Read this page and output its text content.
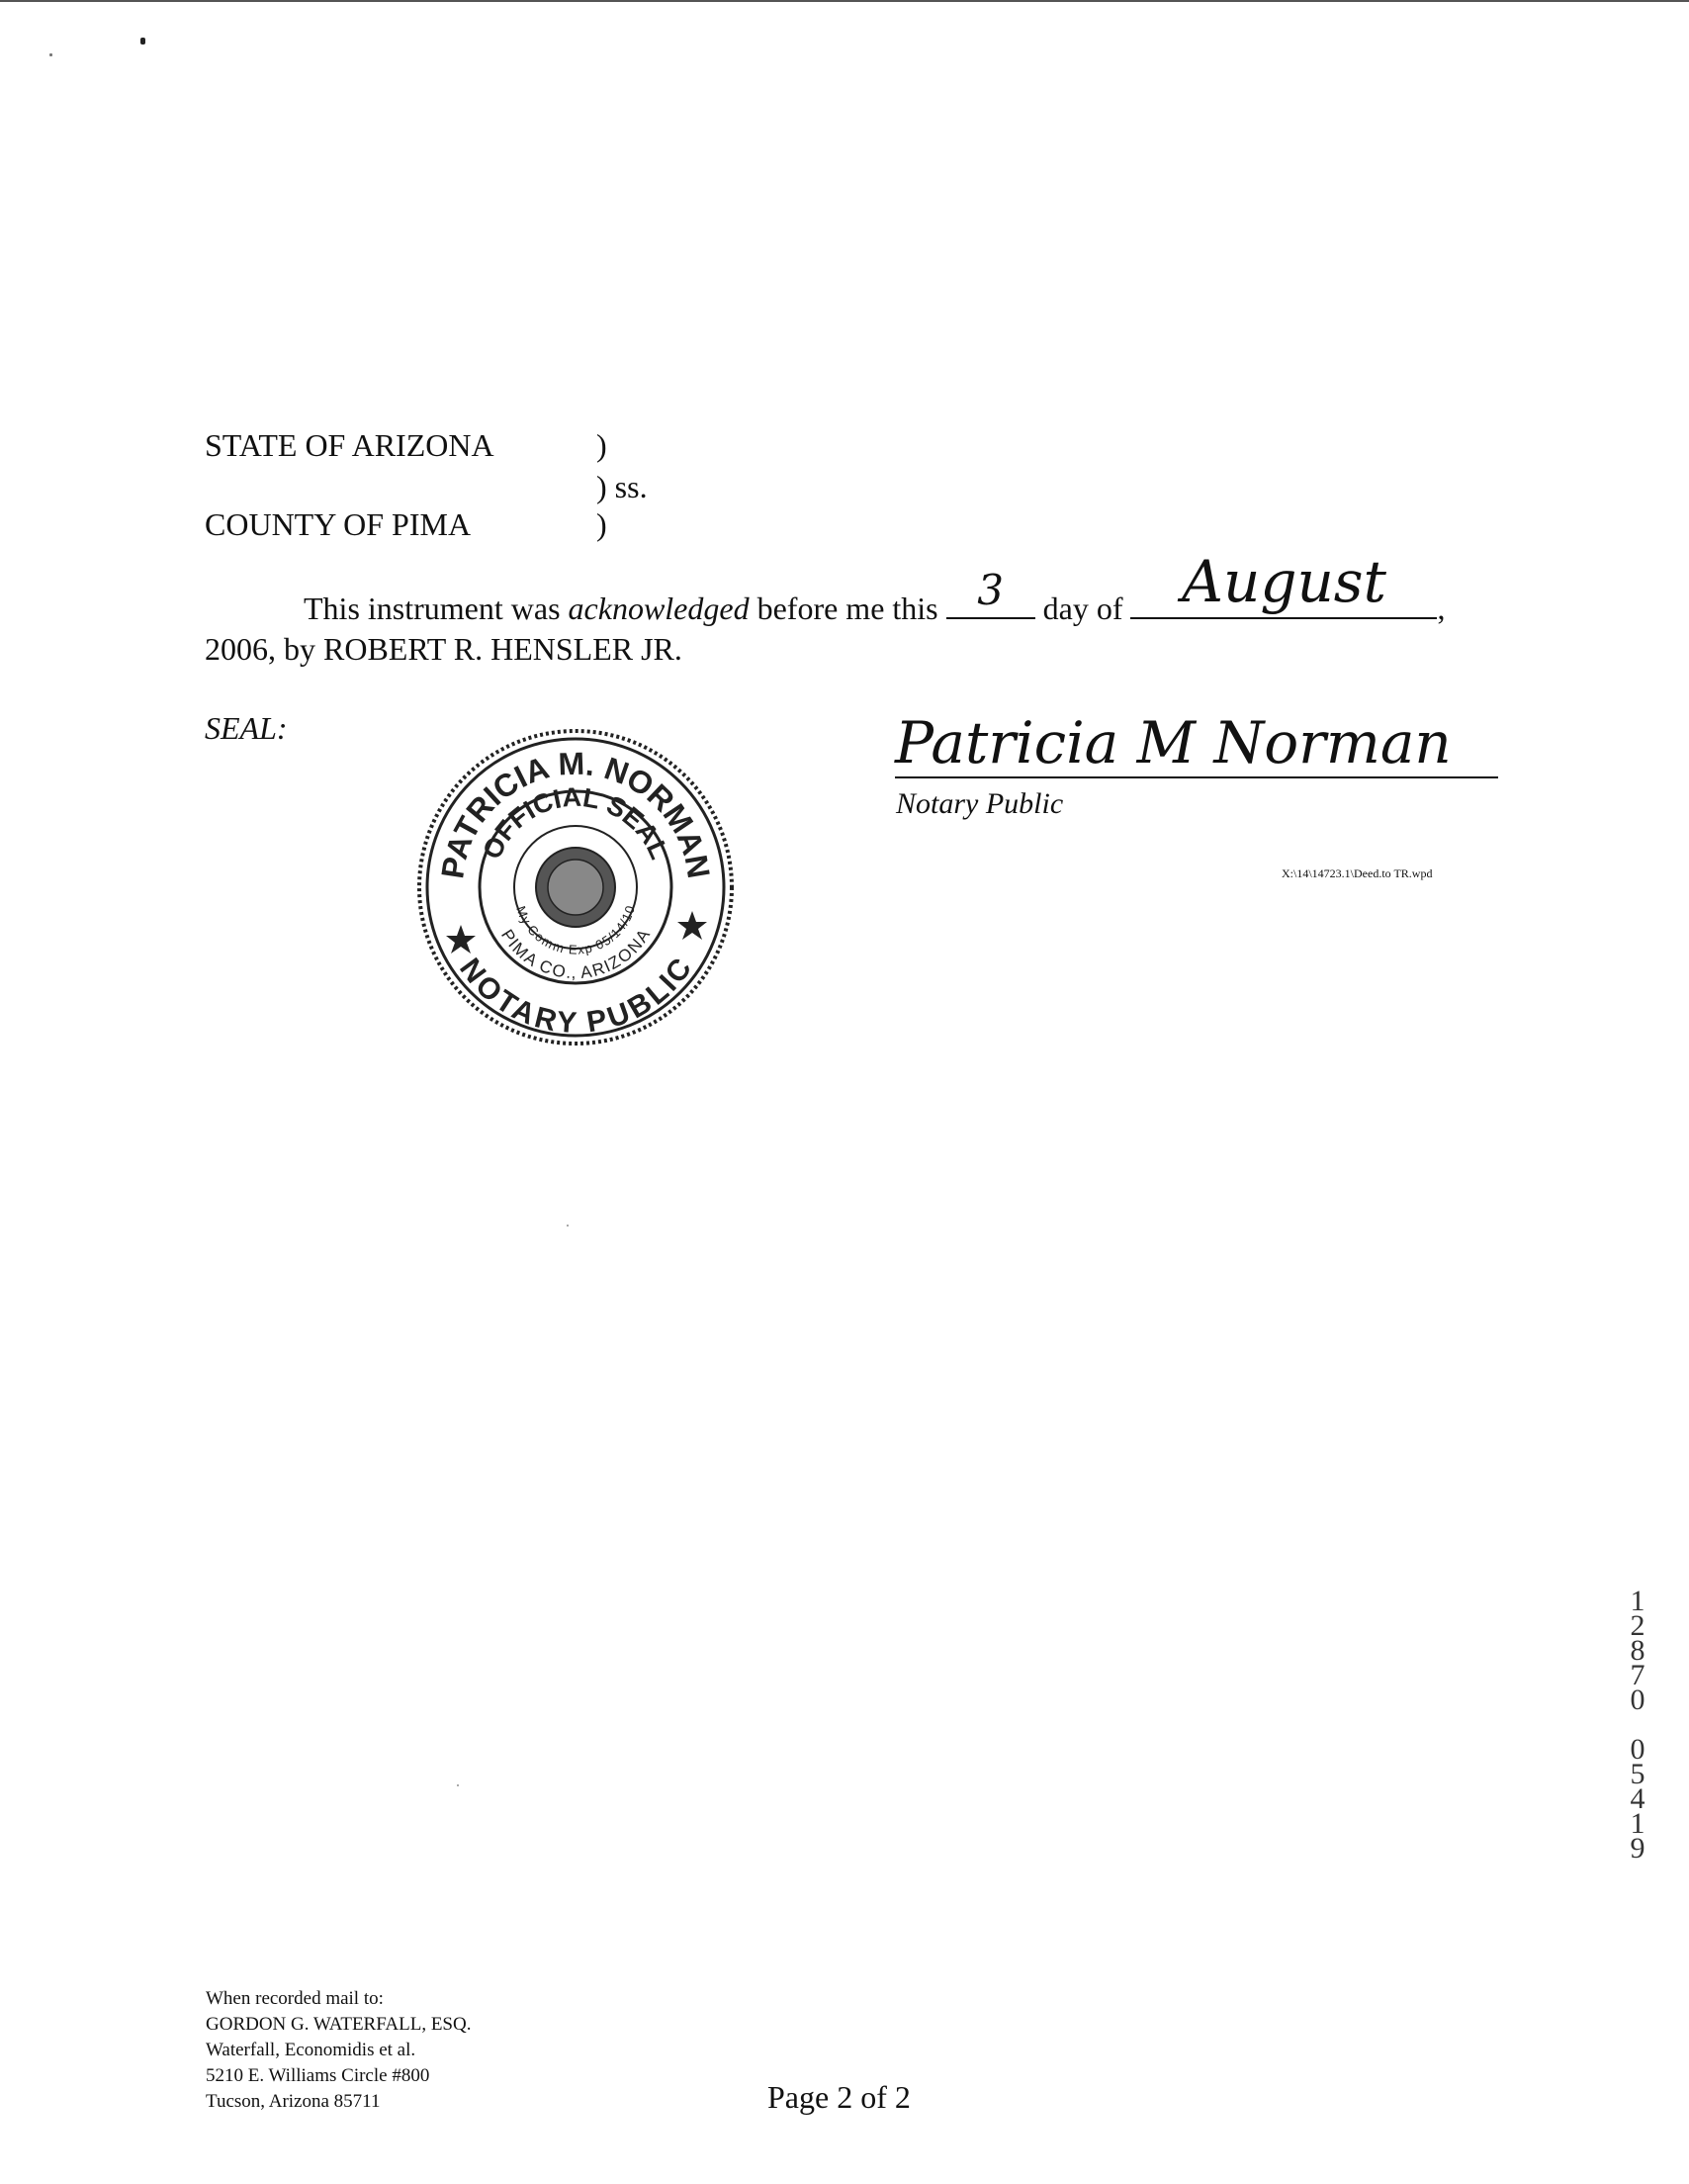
STATE OF ARIZONA	)
) ss.
COUNTY OF PIMA	)
This instrument was acknowledged before me this 3	day of	August	,
2006, by ROBERT R. HENSLER JR.
SEAL:
PATRICIA M. NORMAN
NOTARY PUBLIC
OFFICIAL SEAL
PIMA CO., ARIZONA
My Comm Exp 05/14/10
Patricia M Norman
Notary Public
X:\14\14723.1\Deed.to TR.wpd
1
2
8
7
0

0
5
4
1
9
When recorded mail to:
GORDON G. WATERFALL, ESQ.
Waterfall, Economidis et al.
5210 E. Williams Circle #800
Tucson, Arizona 85711	Page 2 of 2
